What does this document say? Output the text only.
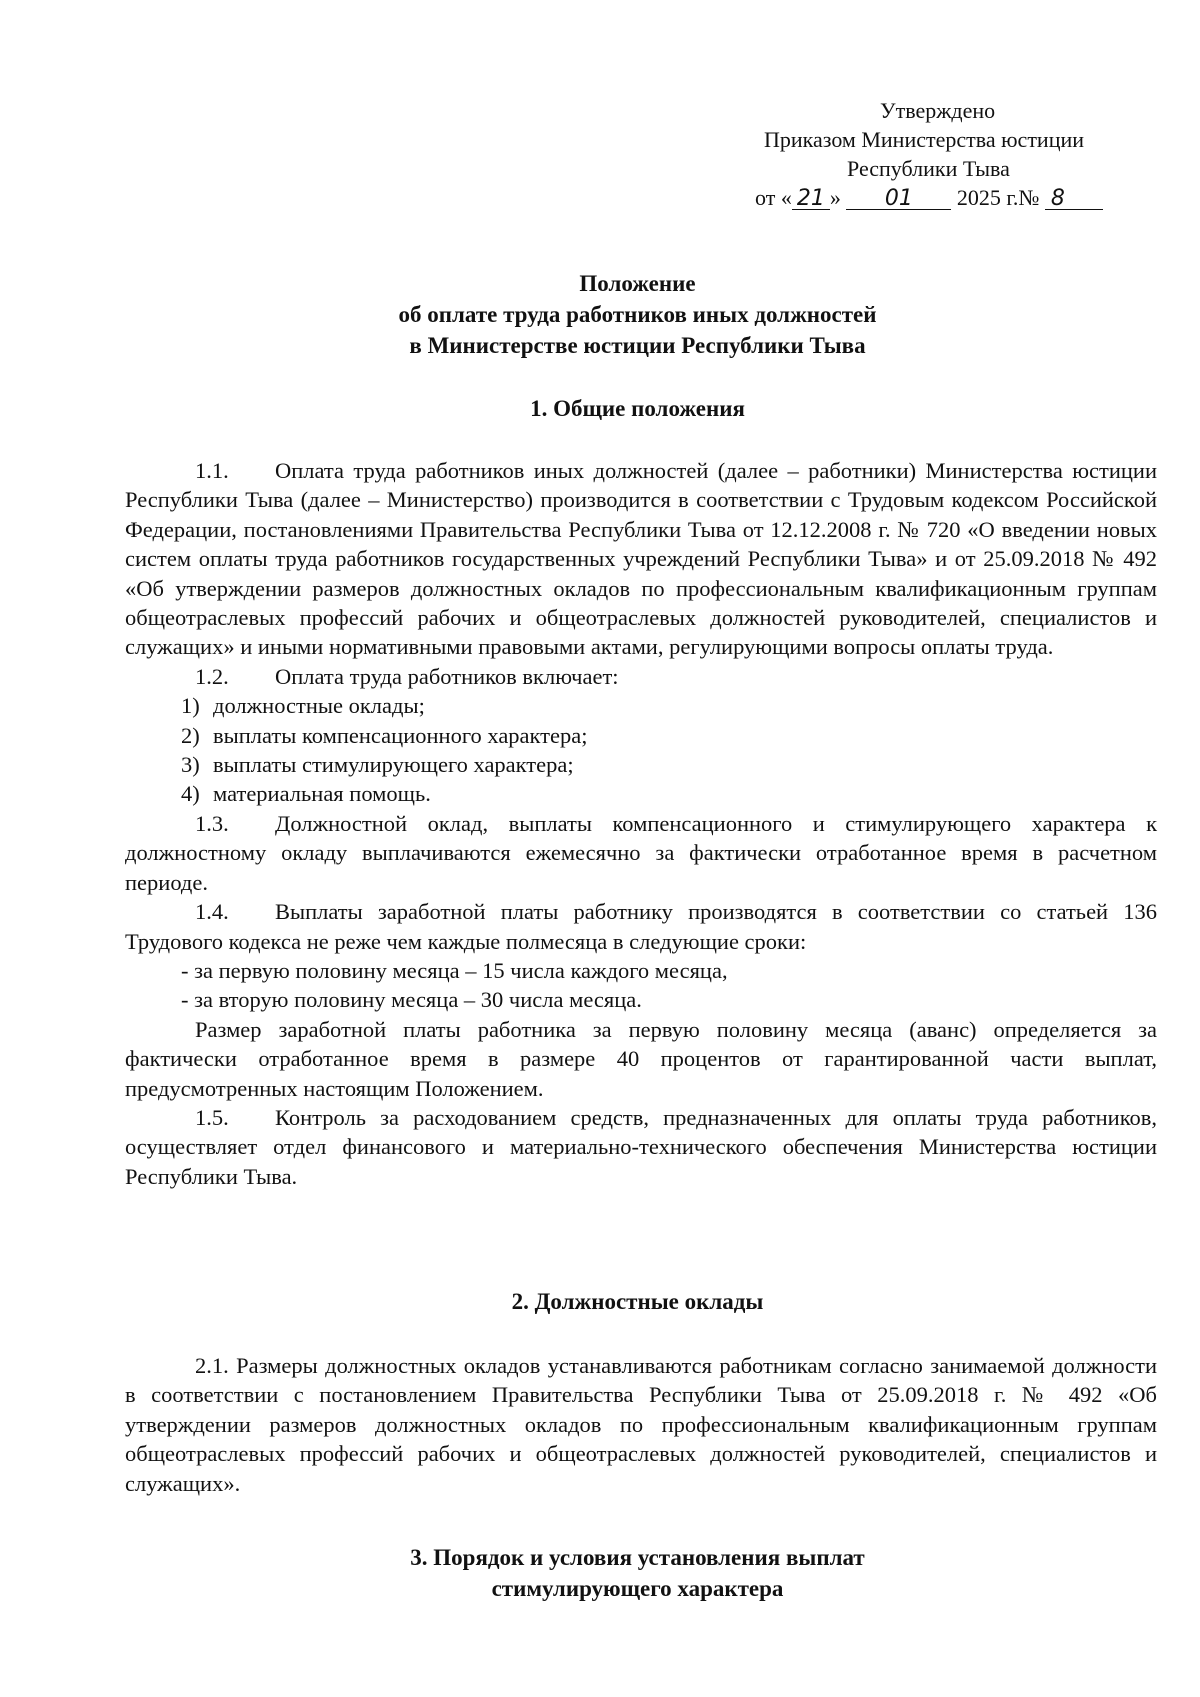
Утверждено
Приказом Министерства юстиции
Республики Тыва
от « 21 » 01 2025 г.№ 8
Положение
об оплате труда работников иных должностей
в Министерстве юстиции Республики Тыва
1. Общие положения

1.1. Оплата труда работников иных должностей (далее – работники) Министерства юстиции Республики Тыва (далее – Министерство) производится в соответствии с Трудовым кодексом Российской Федерации, постановлениями Правительства Республики Тыва от 12.12.2008 г. № 720 «О введении новых систем оплаты труда работников государственных учреждений Республики Тыва» и от 25.09.2018 № 492 «Об утверждении размеров должностных окладов по профессиональным квалификационным группам общеотраслевых профессий рабочих и общеотраслевых должностей руководителей, специалистов и служащих» и иными нормативными правовыми актами, регулирующими вопросы оплаты труда.

1.2. Оплата труда работников включает:

1) должностные оклады;

2) выплаты компенсационного характера;

3) выплаты стимулирующего характера;

4) материальная помощь.

1.3. Должностной оклад, выплаты компенсационного и стимулирующего характера к должностному окладу выплачиваются ежемесячно за фактически отработанное время в расчетном периоде.

1.4. Выплаты заработной платы работнику производятся в соответствии со статьей 136 Трудового кодекса не реже чем каждые полмесяца в следующие сроки:

- за первую половину месяца – 15 числа каждого месяца,

- за вторую половину месяца – 30 числа месяца.

Размер заработной платы работника за первую половину месяца (аванс) определяется за фактически отработанное время в размере 40 процентов от гарантированной части выплат, предусмотренных настоящим Положением.

1.5. Контроль за расходованием средств, предназначенных для оплаты труда работников, осуществляет отдел финансового и материально-технического обеспечения Министерства юстиции Республики Тыва.

2. Должностные оклады

2.1. Размеры должностных окладов устанавливаются работникам согласно занимаемой должности в соответствии с постановлением Правительства Республики Тыва от 25.09.2018 г. № 492 «Об утверждении размеров должностных окладов по профессиональным квалификационным группам общеотраслевых профессий рабочих и общеотраслевых должностей руководителей, специалистов и служащих».

3. Порядок и условия установления выплат
стимулирующего характера
